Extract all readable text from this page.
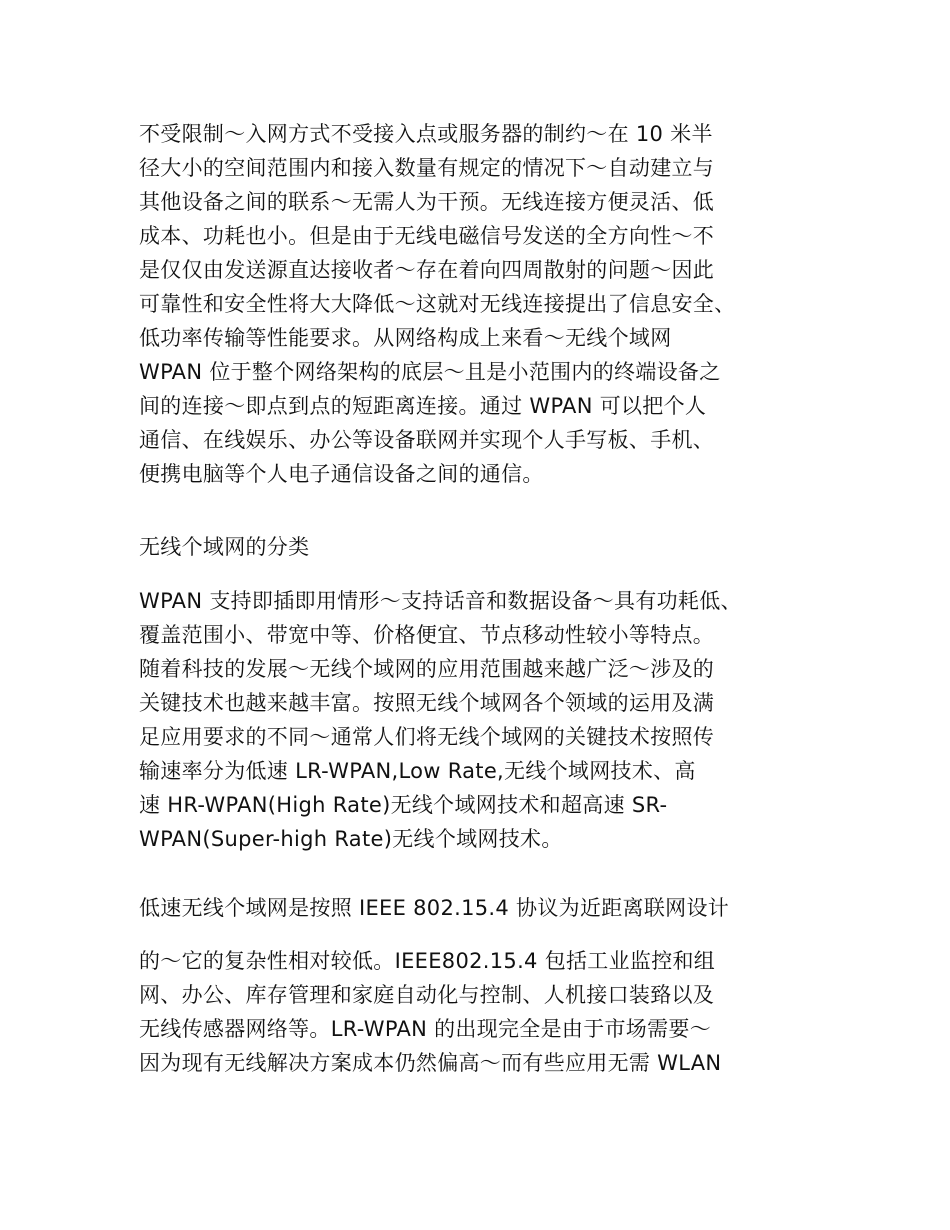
不受限制～入网方式不受接入点或服务器的制约～在 10 米半
径大小的空间范围内和接入数量有规定的情况下～自动建立与
其他设备之间的联系～无需人为干预。无线连接方便灵活、低
成本、功耗也小。但是由于无线电磁信号发送的全方向性～不
是仅仅由发送源直达接收者～存在着向四周散射的问题～因此
可靠性和安全性将大大降低～这就对无线连接提出了信息安全、
低功率传输等性能要求。从网络构成上来看～无线个域网
WPAN 位于整个网络架构的底层～且是小范围内的终端设备之
间的连接～即点到点的短距离连接。通过 WPAN 可以把个人
通信、在线娱乐、办公等设备联网并实现个人手写板、手机、
便携电脑等个人电子通信设备之间的通信。
无线个域网的分类
WPAN 支持即插即用情形～支持话音和数据设备～具有功耗低、
覆盖范围小、带宽中等、价格便宜、节点移动性较小等特点。
随着科技的发展～无线个域网的应用范围越来越广泛～涉及的
关键技术也越来越丰富。按照无线个域网各个领域的运用及满
足应用要求的不同～通常人们将无线个域网的关键技术按照传
输速率分为低速 LR-WPAN,Low Rate,无线个域网技术、高
速 HR-WPAN(High Rate)无线个域网技术和超高速 SR-
WPAN(Super-high Rate)无线个域网技术。
低速无线个域网是按照 IEEE 802.15.4 协议为近距离联网设计
的～它的复杂性相对较低。IEEE802.15.4 包括工业监控和组
网、办公、库存管理和家庭自动化与控制、人机接口装臵以及
无线传感器网络等。LR-WPAN 的出现完全是由于市场需要～
因为现有无线解决方案成本仍然偏高～而有些应用无需 WLAN
